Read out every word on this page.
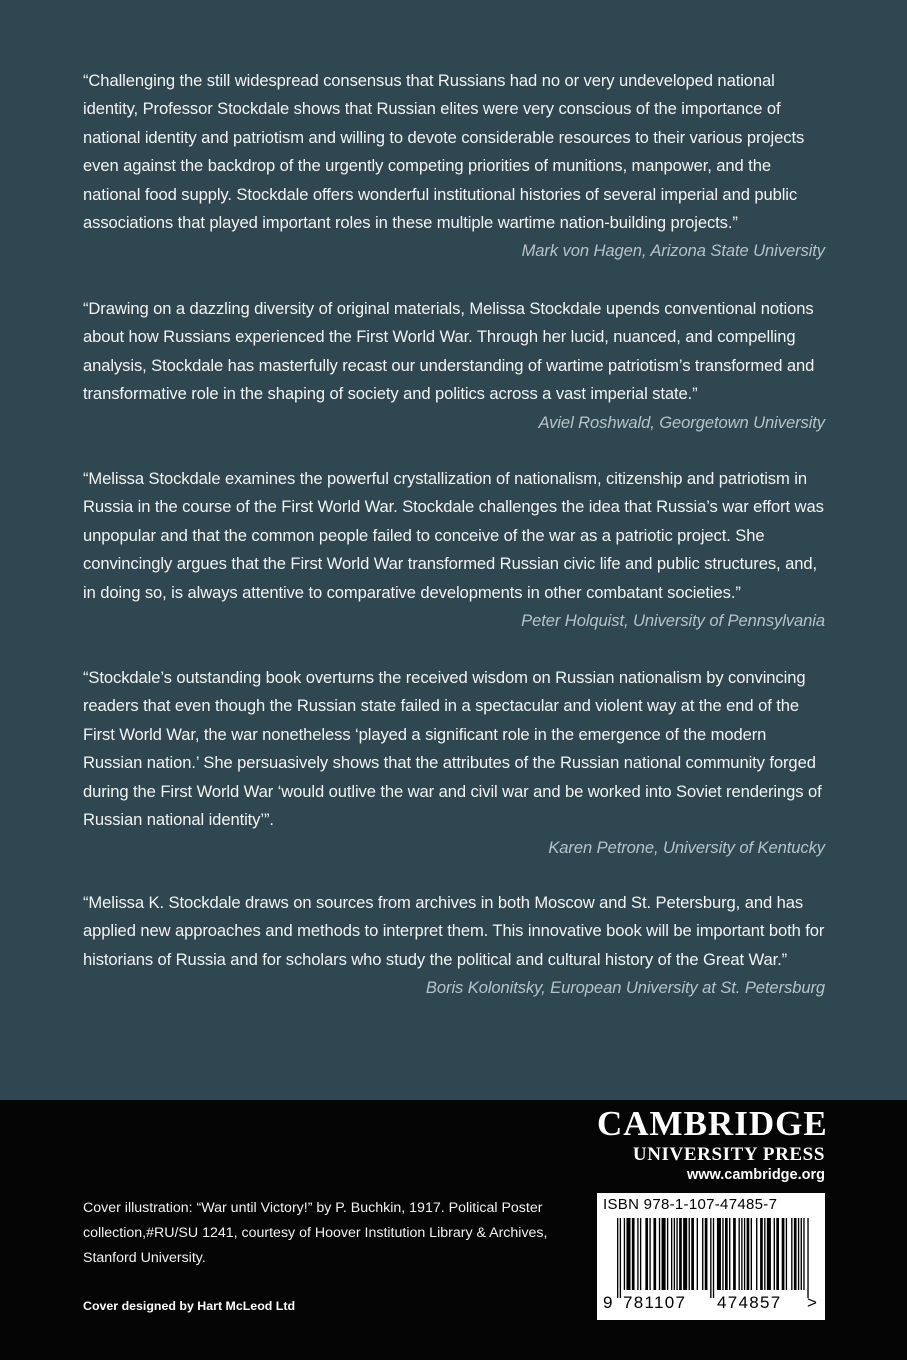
“Challenging the still widespread consensus that Russians had no or very undeveloped national identity, Professor Stockdale shows that Russian elites were very conscious of the importance of national identity and patriotism and willing to devote considerable resources to their various projects even against the backdrop of the urgently competing priorities of munitions, manpower, and the national food supply. Stockdale offers wonderful institutional histories of several imperial and public associations that played important roles in these multiple wartime nation-building projects.”
Mark von Hagen, Arizona State University

“Drawing on a dazzling diversity of original materials, Melissa Stockdale upends conventional notions about how Russians experienced the First World War. Through her lucid, nuanced, and compelling analysis, Stockdale has masterfully recast our understanding of wartime patriotism’s transformed and transformative role in the shaping of society and politics across a vast imperial state.”
Aviel Roshwald, Georgetown University

“Melissa Stockdale examines the powerful crystallization of nationalism, citizenship and patriotism in Russia in the course of the First World War. Stockdale challenges the idea that Russia’s war effort was unpopular and that the common people failed to conceive of the war as a patriotic project. She convincingly argues that the First World War transformed Russian civic life and public structures, and, in doing so, is always attentive to comparative developments in other combatant societies.”
Peter Holquist, University of Pennsylvania

“Stockdale’s outstanding book overturns the received wisdom on Russian nationalism by convincing readers that even though the Russian state failed in a spectacular and violent way at the end of the First World War, the war nonetheless ‘played a significant role in the emergence of the modern Russian nation.’ She persuasively shows that the attributes of the Russian national community forged during the First World War ‘would outlive the war and civil war and be worked into Soviet renderings of Russian national identity’”.

Karen Petrone, University of Kentucky

“Melissa K. Stockdale draws on sources from archives in both Moscow and St. Petersburg, and has applied new approaches and methods to interpret them. This innovative book will be important both for historians of Russia and for scholars who study the political and cultural history of the Great War.”
Boris Kolonitsky, European University at St. Petersburg

Cover illustration: “War until Victory!” by P. Buchkin, 1917. Political Poster collection,#RU/SU 1241, courtesy of Hoover Institution Library & Archives, Stanford University.
Cover designed by Hart McLeod Ltd
CAMBRIDGE
UNIVERSITY PRESS
www.cambridge.org
ISBN 978-1-107-47485-7
9 781107 474857 >
